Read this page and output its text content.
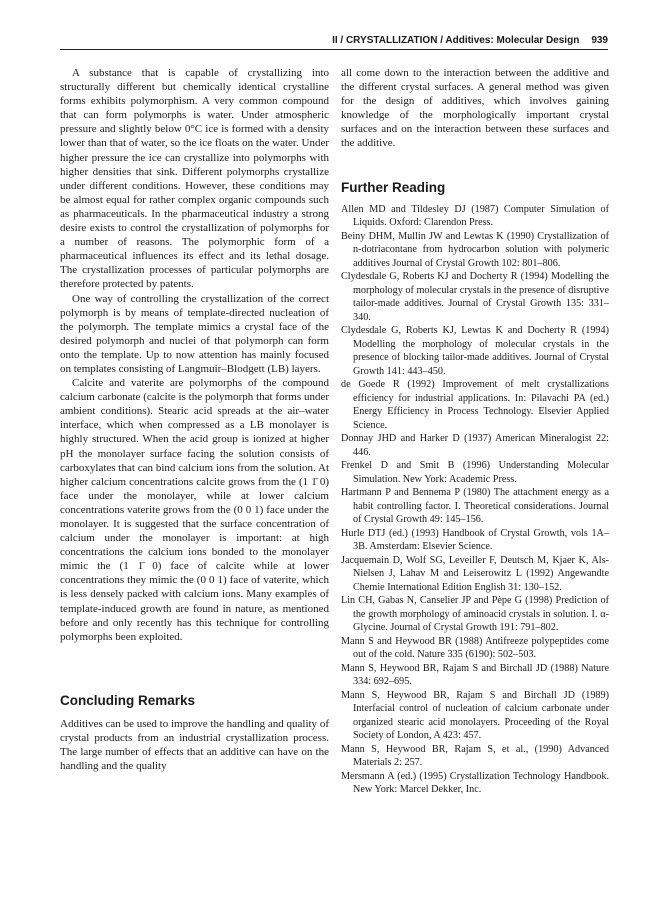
II / CRYSTALLIZATION / Additives: Molecular Design 939

A substance that is capable of crystallizing into structurally different but chemically identical crystalline forms exhibits polymorphism. A very common compound that can form polymorphs is water. Under atmospheric pressure and slightly below 0°C ice is formed with a density lower than that of water, so the ice floats on the water. Under higher pressure the ice can crystallize into polymorphs with higher densities that sink. Different polymorphs crystallize under different conditions. However, these conditions may be almost equal for rather complex organic compounds such as pharmaceuticals. In the pharmaceutical industry a strong desire exists to control the crystallization of polymorphs for a number of reasons. The polymorphic form of a pharmaceutical influences its effect and its lethal dosage. The crystallization processes of particular polymorphs are therefore protected by patents.

One way of controlling the crystallization of the correct polymorph is by means of template-directed nucleation of the polymorph. The template mimics a crystal face of the desired polymorph and nuclei of that polymorph can form onto the template. Up to now attention has mainly focused on templates consisting of Langmuir–Blodgett (LB) layers.

Calcite and vaterite are polymorphs of the compound calcium carbonate (calcite is the polymorph that forms under ambient conditions). Stearic acid spreads at the air–water interface, which when compressed as a LB monolayer is highly structured. When the acid group is ionized at higher pH the monolayer surface facing the solution consists of carboxylates that can bind calcium ions from the solution. At higher calcium concentrations calcite grows from the (1 1̄ 0) face under the monolayer, while at lower calcium concentrations vaterite grows from the (0 0 1) face under the monolayer. It is suggested that the surface concentration of calcium under the monolayer is important: at high concentrations the calcium ions bonded to the monolayer mimic the (1 1̄ 0) face of calcite while at lower concentrations they mimic the (0 0 1) face of vaterite, which is less densely packed with calcium ions. Many examples of template-induced growth are found in nature, as mentioned before and only recently has this technique for controlling polymorphs been exploited.

Concluding Remarks

Additives can be used to improve the handling and quality of crystal products from an industrial crystallization process. The large number of effects that an additive can have on the handling and the quality

all come down to the interaction between the additive and the different crystal surfaces. A general method was given for the design of additives, which involves gaining knowledge of the morphologically important crystal surfaces and on the interaction between these surfaces and the additive.

Further Reading

Allen MD and Tildesley DJ (1987) Computer Simulation of Liquids. Oxford: Clarendon Press.

Beiny DHM, Mullin JW and Lewtas K (1990) Crystallization of n-dotriacontane from hydrocarbon solution with polymeric additives Journal of Crystal Growth 102: 801–806.

Clydesdale G, Roberts KJ and Docherty R (1994) Modelling the morphology of molecular crystals in the presence of disruptive tailor-made additives. Journal of Crystal Growth 135: 331–340.

Clydesdale G, Roberts KJ, Lewtas K and Docherty R (1994) Modelling the morphology of molecular crystals in the presence of blocking tailor-made additives. Journal of Crystal Growth 141: 443–450.

de Goede R (1992) Improvement of melt crystallizations efficiency for industrial applications. In: Pilavachi PA (ed.) Energy Efficiency in Process Technology. Elsevier Applied Science.

Donnay JHD and Harker D (1937) American Mineralogist 22: 446.

Frenkel D and Smit B (1996) Understanding Molecular Simulation. New York: Academic Press.

Hartmann P and Bennema P (1980) The attachment energy as a habit controlling factor. I. Theoretical considerations. Journal of Crystal Growth 49: 145–156.

Hurle DTJ (ed.) (1993) Handbook of Crystal Growth, vols 1A–3B. Amsterdam: Elsevier Science.

Jacquemain D, Wolf SG, Leveiller F, Deutsch M, Kjaer K, Als-Nielsen J, Lahav M and Leiserowitz L (1992) Angewandte Chemie International Edition English 31: 130–152.

Lin CH, Gabas N, Canselier JP and Pèpe G (1998) Prediction of the growth morphology of aminoacid crystals in solution. I. α-Glycine. Journal of Crystal Growth 191: 791–802.

Mann S and Heywood BR (1988) Antifreeze polypeptides come out of the cold. Nature 335 (6190): 502–503.

Mann S, Heywood BR, Rajam S and Birchall JD (1988) Nature 334: 692–695.

Mann S, Heywood BR, Rajam S and Birchall JD (1989) Interfacial control of nucleation of calcium carbonate under organized stearic acid monolayers. Proceeding of the Royal Society of London, A 423: 457.

Mann S, Heywood BR, Rajam S, et al., (1990) Advanced Materials 2: 257.

Mersmann A (ed.) (1995) Crystallization Technology Handbook. New York: Marcel Dekker, Inc.
